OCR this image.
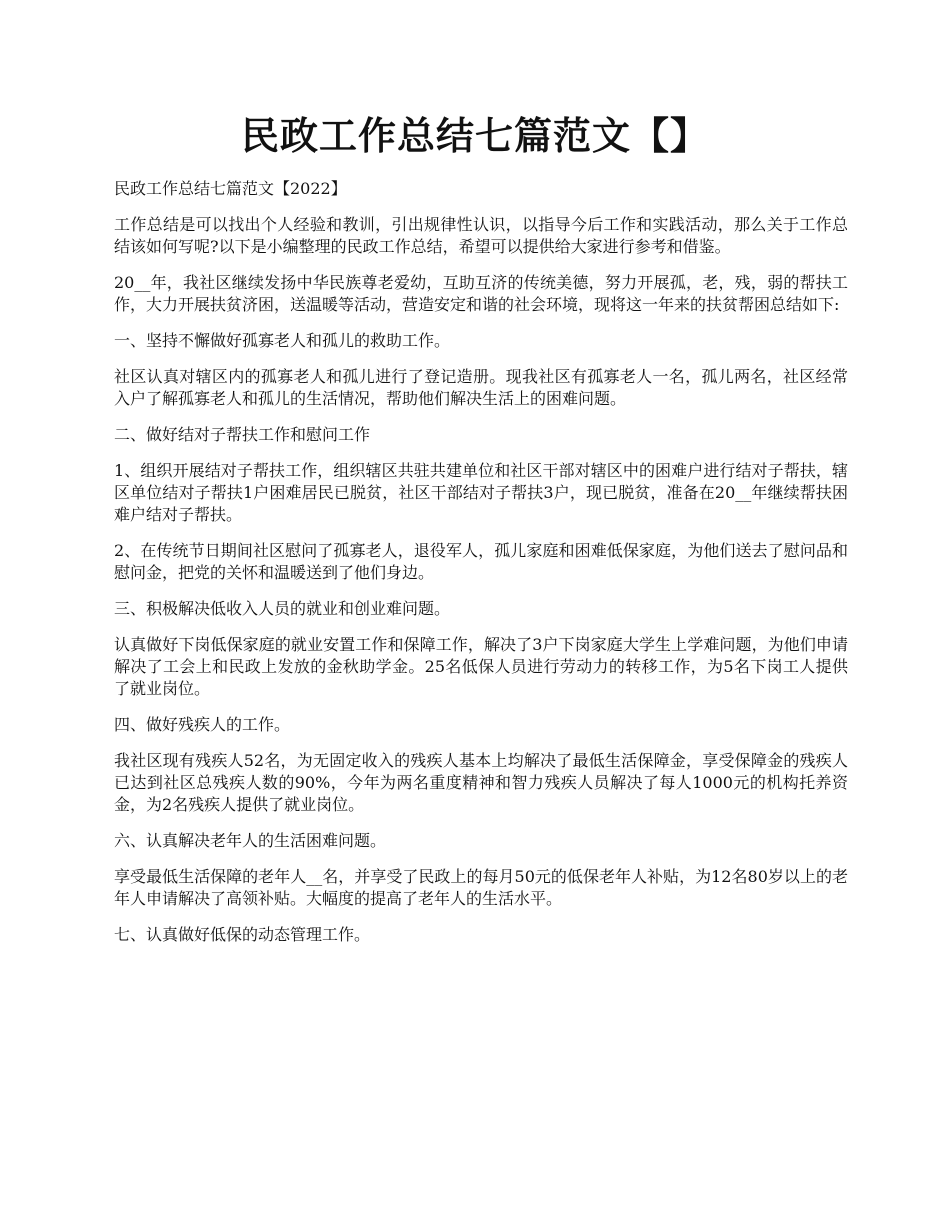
民政工作总结七篇范文【】

民政工作总结七篇范文【2022】

工作总结是可以找出个人经验和教训，引出规律性认识，以指导今后工作和实践活动，那么关于工作总结该如何写呢?以下是小编整理的民政工作总结，希望可以提供给大家进行参考和借鉴。

20__年，我社区继续发扬中华民族尊老爱幼，互助互济的传统美德，努力开展孤，老，残，弱的帮扶工作，大力开展扶贫济困，送温暖等活动，营造安定和谐的社会环境，现将这一年来的扶贫帮困总结如下:

一、坚持不懈做好孤寡老人和孤儿的救助工作。

社区认真对辖区内的孤寡老人和孤儿进行了登记造册。现我社区有孤寡老人一名，孤儿两名，社区经常入户了解孤寡老人和孤儿的生活情况，帮助他们解决生活上的困难问题。

二、做好结对子帮扶工作和慰问工作

1、组织开展结对子帮扶工作，组织辖区共驻共建单位和社区干部对辖区中的困难户进行结对子帮扶，辖区单位结对子帮扶1户困难居民已脱贫，社区干部结对子帮扶3户，现已脱贫，准备在20__年继续帮扶困难户结对子帮扶。

2、在传统节日期间社区慰问了孤寡老人，退役军人，孤儿家庭和困难低保家庭，为他们送去了慰问品和慰问金，把党的关怀和温暖送到了他们身边。

三、积极解决低收入人员的就业和创业难问题。

认真做好下岗低保家庭的就业安置工作和保障工作，解决了3户下岗家庭大学生上学难问题，为他们申请解决了工会上和民政上发放的金秋助学金。25名低保人员进行劳动力的转移工作，为5名下岗工人提供了就业岗位。

四、做好残疾人的工作。

我社区现有残疾人52名，为无固定收入的残疾人基本上均解决了最低生活保障金，享受保障金的残疾人已达到社区总残疾人数的90%，今年为两名重度精神和智力残疾人员解决了每人1000元的机构托养资金，为2名残疾人提供了就业岗位。

六、认真解决老年人的生活困难问题。

享受最低生活保障的老年人__名，并享受了民政上的每月50元的低保老年人补贴，为12名80岁以上的老年人申请解决了高领补贴。大幅度的提高了老年人的生活水平。

七、认真做好低保的动态管理工作。
